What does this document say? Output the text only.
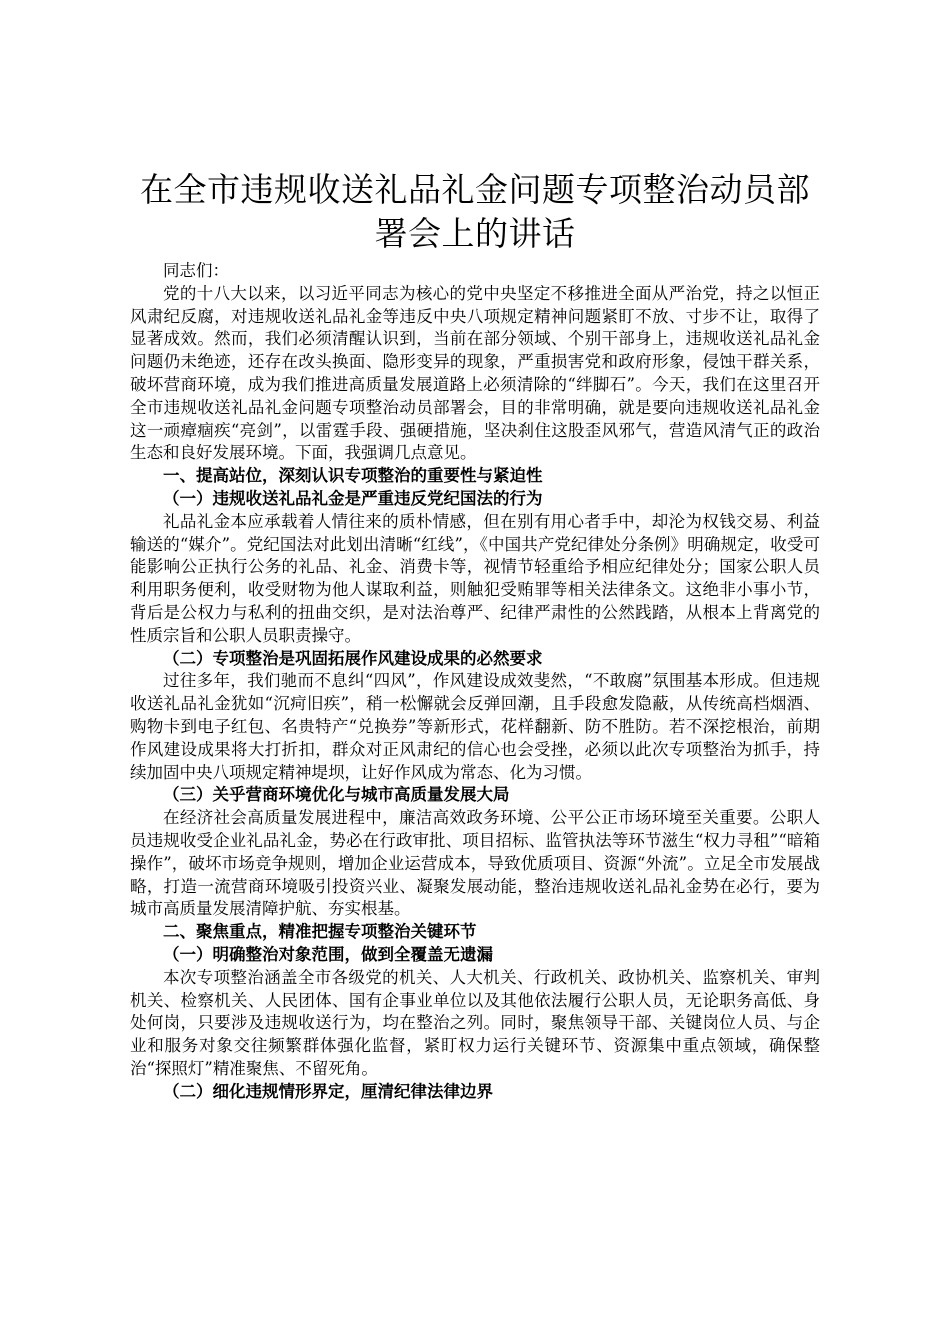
在全市违规收送礼品礼金问题专项整治动员部署会上的讲话

同志们：

党的十八大以来，以习近平同志为核心的党中央坚定不移推进全面从严治党，持之以恒正风肃纪反腐，对违规收送礼品礼金等违反中央八项规定精神问题紧盯不放、寸步不让，取得了显著成效。然而，我们必须清醒认识到，当前在部分领域、个别干部身上，违规收送礼品礼金问题仍未绝迹，还存在改头换面、隐形变异的现象，严重损害党和政府形象，侵蚀干群关系，破坏营商环境，成为我们推进高质量发展道路上必须清除的“绊脚石”。今天，我们在这里召开全市违规收送礼品礼金问题专项整治动员部署会，目的非常明确，就是要向违规收送礼品礼金这一顽瘴痼疾“亮剑”，以雷霆手段、强硬措施，坚决刹住这股歪风邪气，营造风清气正的政治生态和良好发展环境。下面，我强调几点意见。

一、提高站位，深刻认识专项整治的重要性与紧迫性

（一）违规收送礼品礼金是严重违反党纪国法的行为

礼品礼金本应承载着人情往来的质朴情感，但在别有用心者手中，却沦为权钱交易、利益输送的“媒介”。党纪国法对此划出清晰“红线”，《中国共产党纪律处分条例》明确规定，收受可能影响公正执行公务的礼品、礼金、消费卡等，视情节轻重给予相应纪律处分；国家公职人员利用职务便利，收受财物为他人谋取利益，则触犯受贿罪等相关法律条文。这绝非小事小节，背后是公权力与私利的扭曲交织，是对法治尊严、纪律严肃性的公然践踏，从根本上背离党的性质宗旨和公职人员职责操守。

（二）专项整治是巩固拓展作风建设成果的必然要求

过往多年，我们驰而不息纠“四风”，作风建设成效斐然，“不敢腐”氛围基本形成。但违规收送礼品礼金犹如“沉疴旧疾”，稍一松懈就会反弹回潮，且手段愈发隐蔽，从传统高档烟酒、购物卡到电子红包、名贵特产“兑换券”等新形式，花样翻新、防不胜防。若不深挖根治，前期作风建设成果将大打折扣，群众对正风肃纪的信心也会受挫，必须以此次专项整治为抓手，持续加固中央八项规定精神堤坝，让好作风成为常态、化为习惯。

（三）关乎营商环境优化与城市高质量发展大局

在经济社会高质量发展进程中，廉洁高效政务环境、公平公正市场环境至关重要。公职人员违规收受企业礼品礼金，势必在行政审批、项目招标、监管执法等环节滋生“权力寻租”“暗箱操作”，破坏市场竞争规则，增加企业运营成本，导致优质项目、资源“外流”。立足全市发展战略，打造一流营商环境吸引投资兴业、凝聚发展动能，整治违规收送礼品礼金势在必行，要为城市高质量发展清障护航、夯实根基。

二、聚焦重点，精准把握专项整治关键环节

（一）明确整治对象范围，做到全覆盖无遗漏

本次专项整治涵盖全市各级党的机关、人大机关、行政机关、政协机关、监察机关、审判机关、检察机关、人民团体、国有企事业单位以及其他依法履行公职人员，无论职务高低、身处何岗，只要涉及违规收送行为，均在整治之列。同时，聚焦领导干部、关键岗位人员、与企业和服务对象交往频繁群体强化监督，紧盯权力运行关键环节、资源集中重点领域，确保整治“探照灯”精准聚焦、不留死角。

（二）细化违规情形界定，厘清纪律法律边界
